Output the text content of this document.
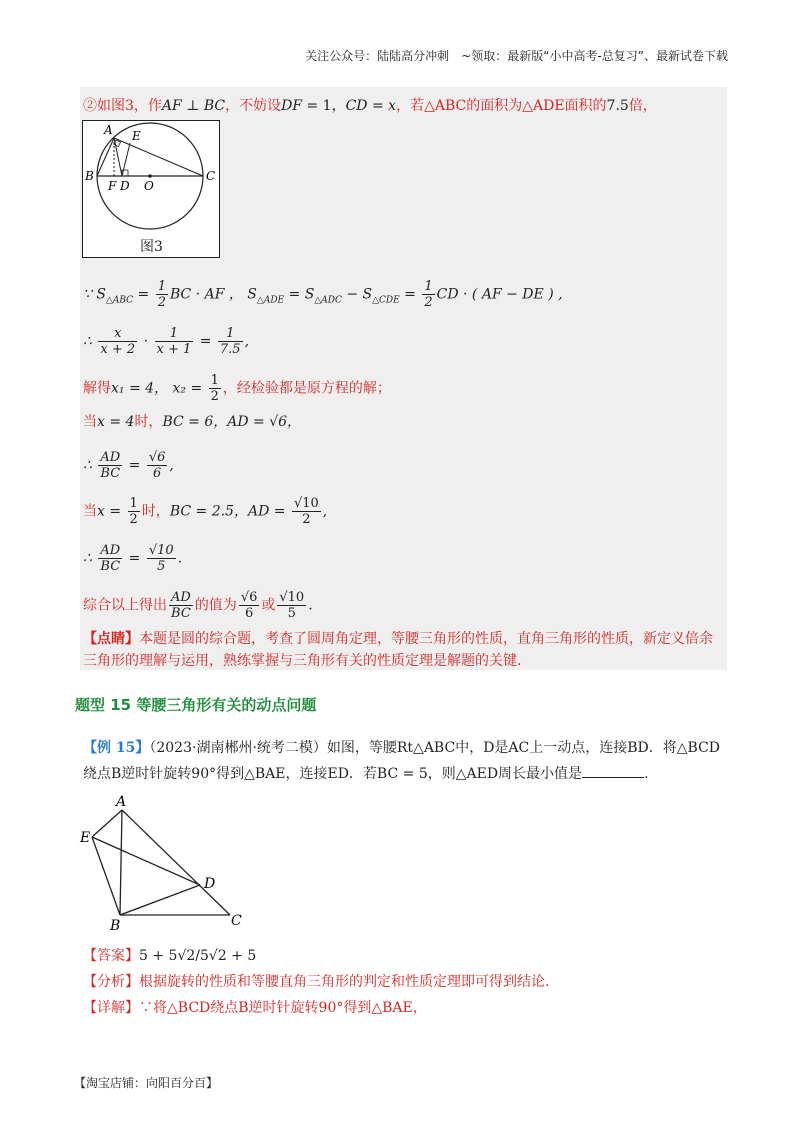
关注公众号：陆陆高分冲刺　~领取：最新版“小中高考-总复习”、最新试卷下载
②如图3，作AF ⊥ BC，不妨设DF = 1，CD = x，若△ABC的面积为△ADE面积的7.5倍，
A E
B
F D O
C
图3
∵ $S_{\triangle ABC} = \frac{1}{2}$ BC · AF ， $S_{\triangle ADE} = S_{\triangle ADC} - S_{\triangle CDE} = \frac{1}{2}$ CD · ( AF − DE ) ,
∴ $\frac{x}{x + 2} \cdot \frac{1}{x + 1} = \frac{1}{7.5}$ ,
解得x₁ = 4， $x_2 = \frac{1}{2}$ ，经检验都是原方程的解；
当x = 4时，BC = 6，AD = √6，
∴ $\frac{AD}{BC} = \frac{√6}{6}$ ,
当$x = \frac{1}{2}$ 时，BC = 2.5，AD = $\frac{√10}{2}$ ,
∴ $\frac{AD}{BC} = \frac{√10}{5}$ .
综合以上得出 $\frac{AD}{BC}$ 的值为 $\frac{√6}{6}$ 或 $\frac{√10}{5}$ .
【点睛】本题是圆的综合题，考查了圆周角定理，等腰三角形的性质，直角三角形的性质，新定义倍余
三角形的理解与运用，熟练掌握与三角形有关的性质定理是解题的关键.
题型 15 等腰三角形有关的动点问题
【例 15】（2023·湖南郴州·统考二模）如图，等腰Rt△ABC中，D是AC上一动点，连接BD．将△BCD
绕点B逆时针旋转90°得到△BAE，连接ED．若BC = 5，则△AED周长最小值是	.
A
E
D
B	C
【答案】5 + 5√2/5√2 + 5
【分析】根据旋转的性质和等腰直角三角形的判定和性质定理即可得到结论.
【详解】∵将△BCD绕点B逆时针旋转90°得到△BAE，
【淘宝店铺：向阳百分百】
